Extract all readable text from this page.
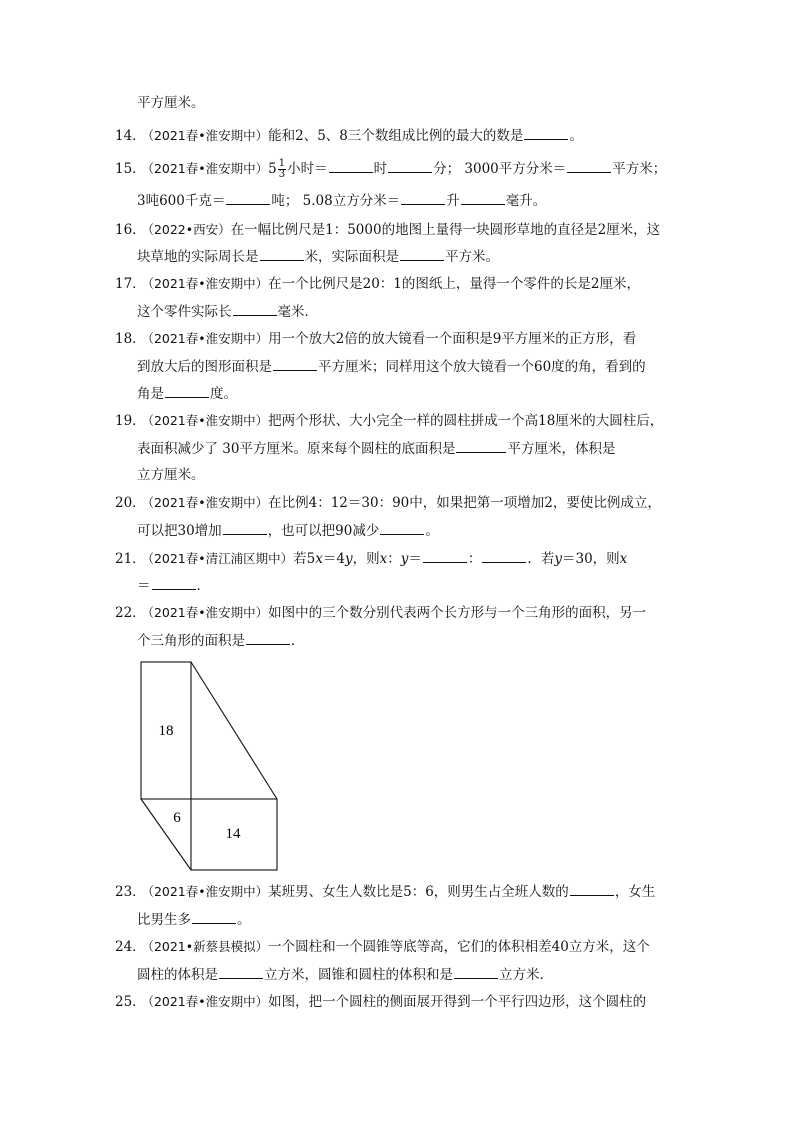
平方厘米。
14． （2021春•淮安期中）能和2、5、8三个数组成比例的最大的数是	。
15． （2021春•淮安期中）$5 \frac{1}{3}$ 小时＝	时	分； 3000平方分米＝	平方米；
3吨600千克＝	吨； 5.08立方分米＝	升	毫升。
16． （2022•西安）在一幅比例尺是1：5000的地图上量得一块圆形草地的直径是2厘米，这
块草地的实际周长是	米，实际面积是	平方米。
17． （2021春•淮安期中）在一个比例尺是20：1的图纸上，量得一个零件的长是2厘米，
这个零件实际长	毫米．
18． （2021春•淮安期中）用一个放大2倍的放大镜看一个面积是9平方厘米的正方形，看
到放大后的图形面积是	平方厘米；同样用这个放大镜看一个60度的角，看到的
角是	度。
19． （2021春•淮安期中）把两个形状、大小完全一样的圆柱拼成一个高18厘米的大圆柱后，
表面积减少了 30平方厘米。原来每个圆柱的底面积是	平方厘米，体积是
立方厘米。
20． （2021春•淮安期中）在比例4：12＝30：90中，如果把第一项增加2，要使比例成立，
可以把30增加	，也可以把90减少	。
21． （2021春•清江浦区期中）若5x＝4y，则x：y＝	：	．若y＝30，则x
＝	．
22． （2021春•淮安期中）如图中的三个数分别代表两个长方形与一个三角形的面积，另一
个三角形的面积是	．
18
6
14
23． （2021春•淮安期中）某班男、女生人数比是5：6，则男生占全班人数的	，女生
比男生多	。
24． （2021•新蔡县模拟）一个圆柱和一个圆锥等底等高，它们的体积相差40立方米，这个
圆柱的体积是	立方米，圆锥和圆柱的体积和是	立方米．
25． （2021春•淮安期中）如图，把一个圆柱的侧面展开得到一个平行四边形，这个圆柱的
